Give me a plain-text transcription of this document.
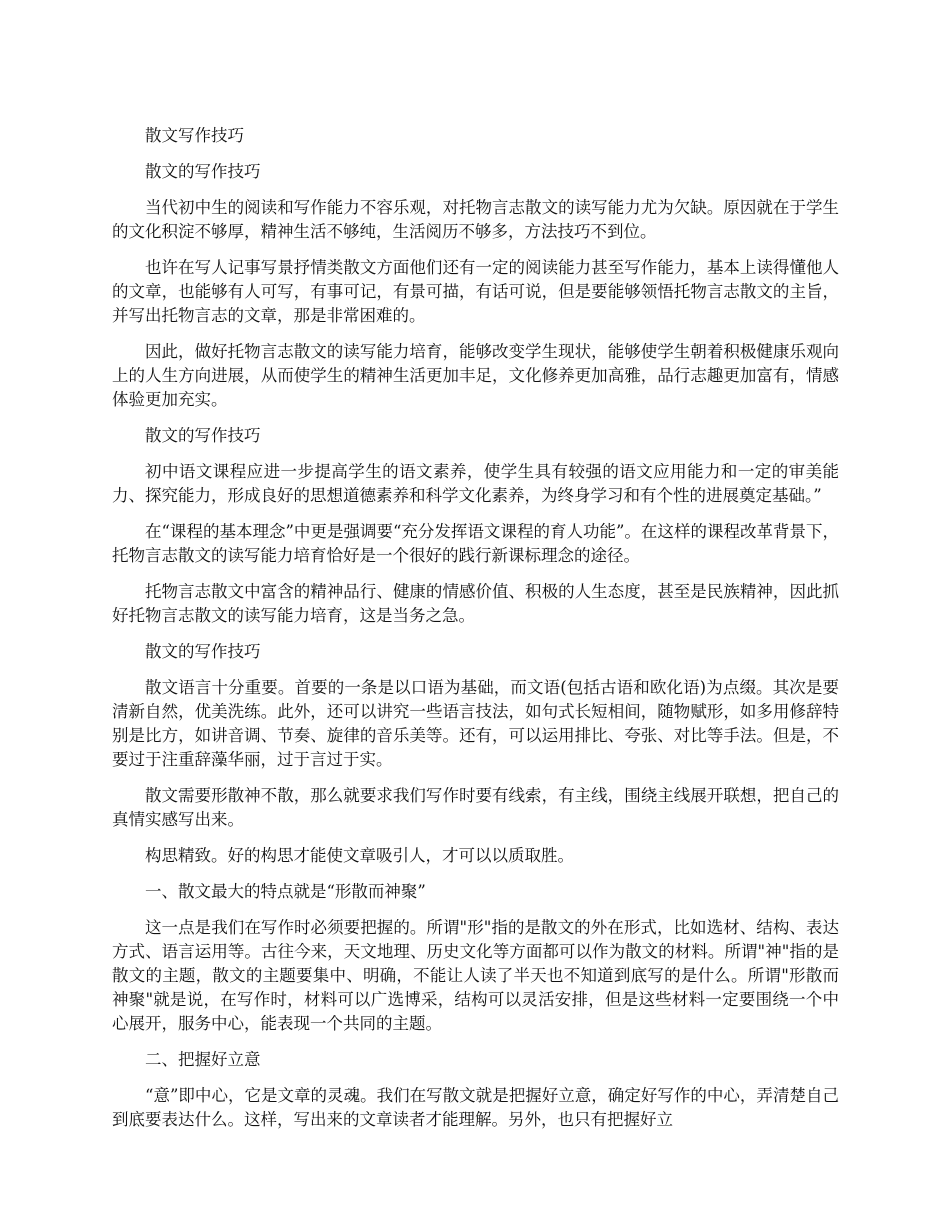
散文写作技巧

散文的写作技巧

当代初中生的阅读和写作能力不容乐观，对托物言志散文的读写能力尤为欠缺。原因就在于学生的文化积淀不够厚，精神生活不够纯，生活阅历不够多，方法技巧不到位。

也许在写人记事写景抒情类散文方面他们还有一定的阅读能力甚至写作能力，基本上读得懂他人的文章，也能够有人可写，有事可记，有景可描，有话可说，但是要能够领悟托物言志散文的主旨，并写出托物言志的文章，那是非常困难的。

因此，做好托物言志散文的读写能力培育，能够改变学生现状，能够使学生朝着积极健康乐观向上的人生方向进展，从而使学生的精神生活更加丰足，文化修养更加高雅，品行志趣更加富有，情感体验更加充实。

散文的写作技巧

初中语文课程应进一步提高学生的语文素养，使学生具有较强的语文应用能力和一定的审美能力、探究能力，形成良好的思想道德素养和科学文化素养，为终身学习和有个性的进展奠定基础。”

在“课程的基本理念”中更是强调要“充分发挥语文课程的育人功能”。在这样的课程改革背景下，托物言志散文的读写能力培育恰好是一个很好的践行新课标理念的途径。

托物言志散文中富含的精神品行、健康的情感价值、积极的人生态度，甚至是民族精神，因此抓好托物言志散文的读写能力培育，这是当务之急。

散文的写作技巧

散文语言十分重要。首要的一条是以口语为基础，而文语(包括古语和欧化语)为点缀。其次是要清新自然，优美洗练。此外，还可以讲究一些语言技法，如句式长短相间，随物赋形，如多用修辞特别是比方，如讲音调、节奏、旋律的音乐美等。还有，可以运用排比、夸张、对比等手法。但是，不要过于注重辞藻华丽，过于言过于实。

散文需要形散神不散，那么就要求我们写作时要有线索，有主线，围绕主线展开联想，把自己的真情实感写出来。

构思精致。好的构思才能使文章吸引人，才可以以质取胜。

一、散文最大的特点就是“形散而神聚”

这一点是我们在写作时必须要把握的。所谓"形"指的是散文的外在形式，比如选材、结构、表达方式、语言运用等。古往今来，天文地理、历史文化等方面都可以作为散文的材料。所谓"神"指的是散文的主题，散文的主题要集中、明确，不能让人读了半天也不知道到底写的是什么。所谓"形散而神聚"就是说，在写作时，材料可以广选博采，结构可以灵活安排，但是这些材料一定要围绕一个中心展开，服务中心，能表现一个共同的主题。

二、把握好立意

“意”即中心，它是文章的灵魂。我们在写散文就是把握好立意，确定好写作的中心，弄清楚自己到底要表达什么。这样，写出来的文章读者才能理解。另外，也只有把握好立
